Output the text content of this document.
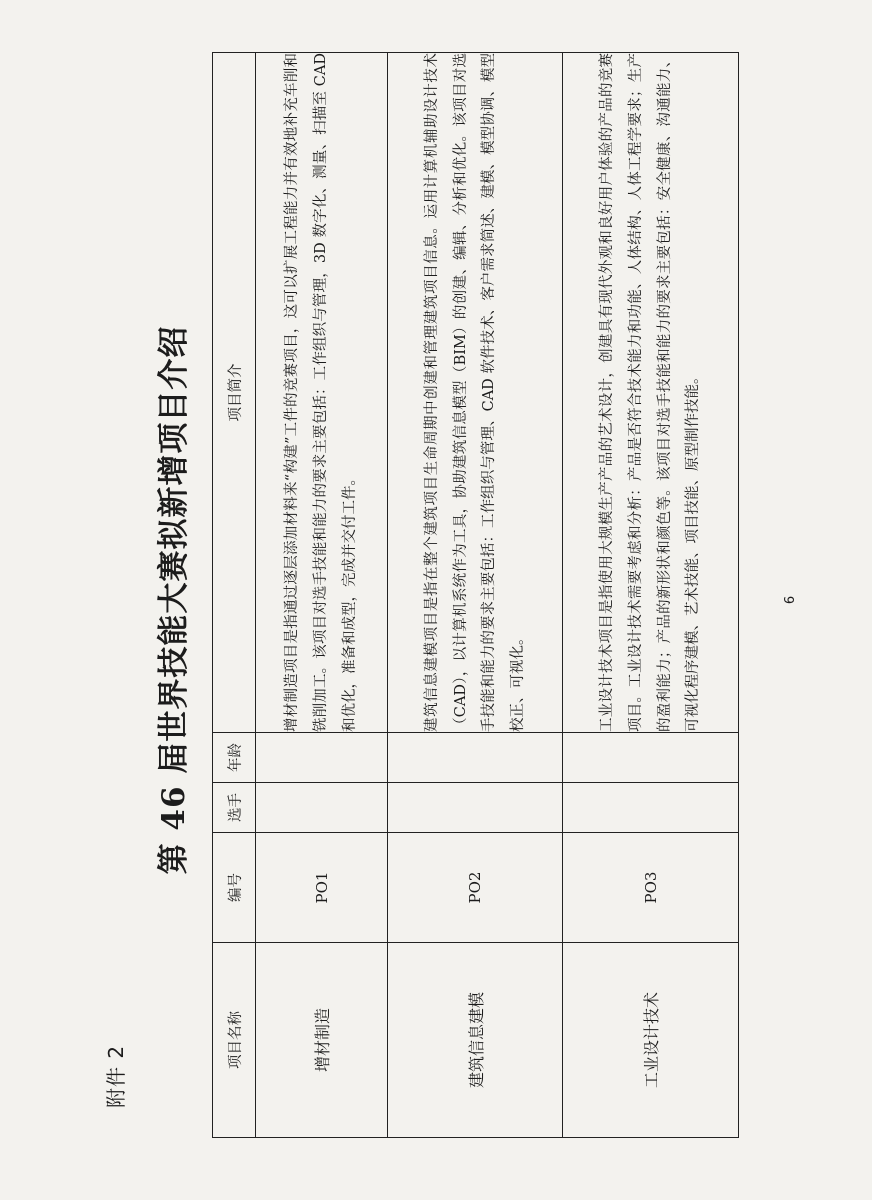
附件 2
第 46 届世界技能大赛拟新增项目介绍
项目名称	编号	选手	年龄	项目简介
增材制造	PO1			增材制造项目是指通过逐层添加材料来“构建”工件的竞赛项目，这可以扩展工程能力并有效地补充车削和铣削加工。该项目对选手技能和能力的要求主要包括：工作组织与管理，3D 数字化、测量、扫描至 CAD 和优化，准备和成型，完成并交付工件。
建筑信息建模	PO2			建筑信息建模项目是指在整个建筑项目生命周期中创建和管理建筑项目信息。运用计算机辅助设计技术（CAD），以计算机系统作为工具，协助建筑信息模型（BIM）的创建、编辑、分析和优化。该项目对选手技能和能力的要求主要包括：工作组织与管理、CAD 软件技术、客户需求简述、建模、模型协调、模型校正、可视化。
工业设计技术	PO3			工业设计技术项目是指使用大规模生产产品的艺术设计，创建具有现代外观和良好用户体验的产品的竞赛项目。工业设计技术需要考虑和分析：产品是否符合技术能力和功能、人体结构、人体工程学要求；生产的盈利能力；产品的新形状和颜色等。该项目对选手技能和能力的要求主要包括：安全健康、沟通能力、可视化程序建模、艺术技能、项目技能、原型制作技能。	6
